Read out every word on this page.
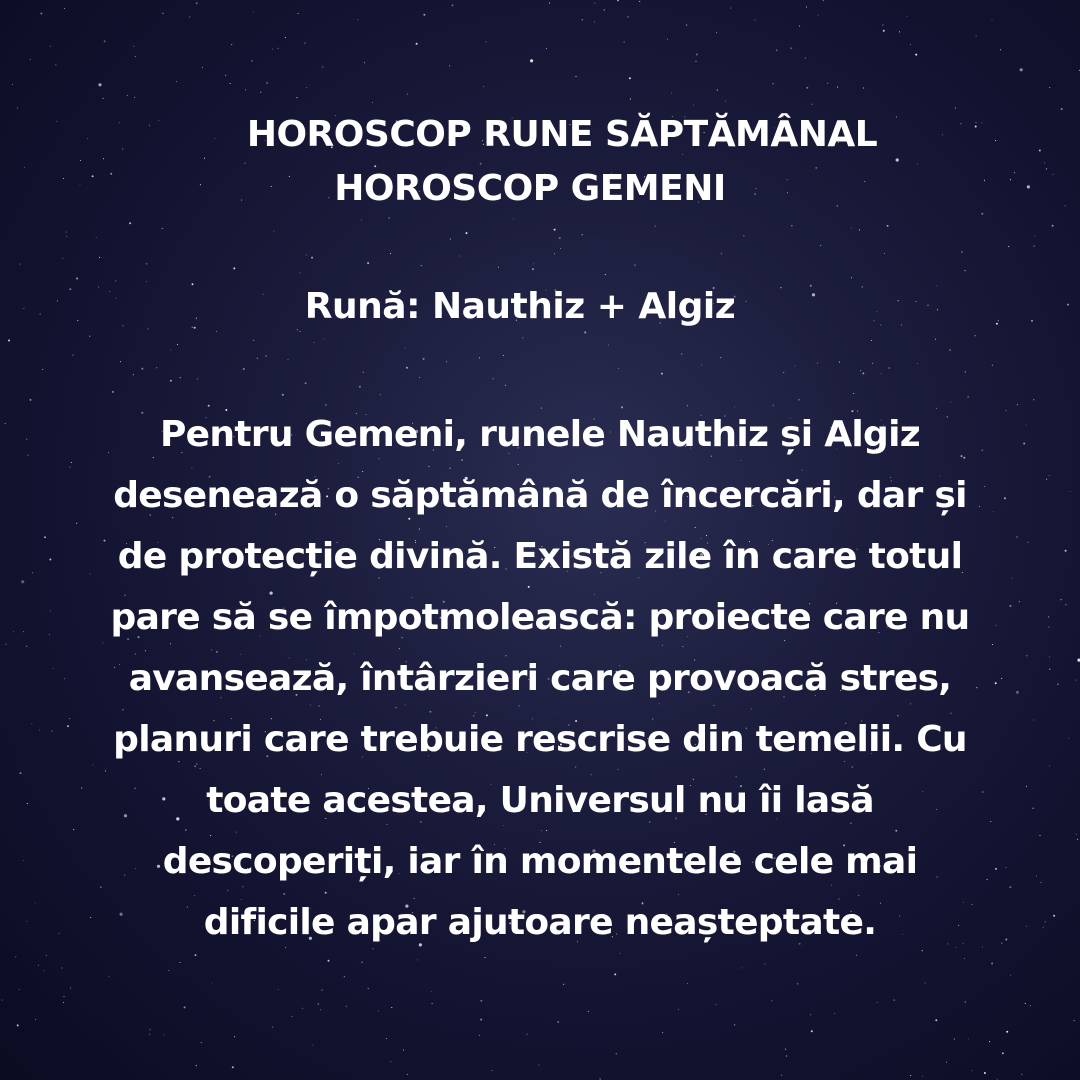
HOROSCOP RUNE SĂPTĂMÂNAL
HOROSCOP GEMENI
Rună: Nauthiz + Algiz
Pentru Gemeni, runele Nauthiz și Algiz
desenează o săptămână de încercări, dar și
de protecție divină. Există zile în care totul
pare să se împotmolească: proiecte care nu
avansează, întârzieri care provoacă stres,
planuri care trebuie rescrise din temelii. Cu
toate acestea, Universul nu îi lasă
descoperiți, iar în momentele cele mai
dificile apar ajutoare neașteptate.
